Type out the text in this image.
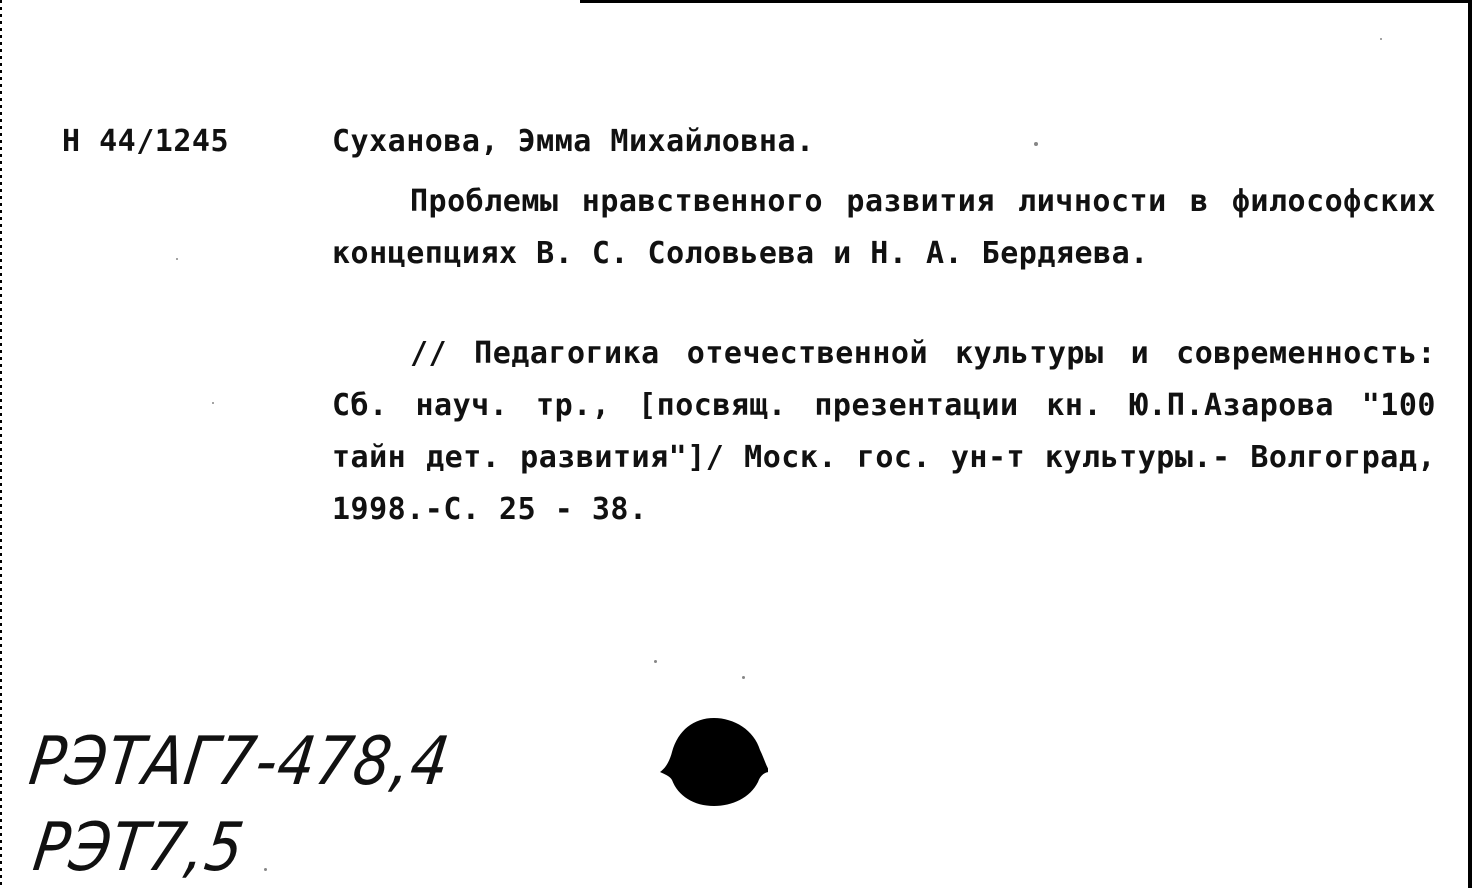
Н 44/1245	Суханова, Эмма Михайловна.

Проблемы нравственного развития личности в философских концепциях В. С. Соловьева и Н. А. Бердяева.

// Педагогика отечественной культуры и современность: Сб. науч. тр., [посвящ. презентации кн. Ю.П.Азарова "100 тайн дет. развития"]/ Моск. гос. ун-т культуры.- Волгоград, 1998.-С. 25 - 38.

РЭТАГ7-478,4
РЭТ7,5
